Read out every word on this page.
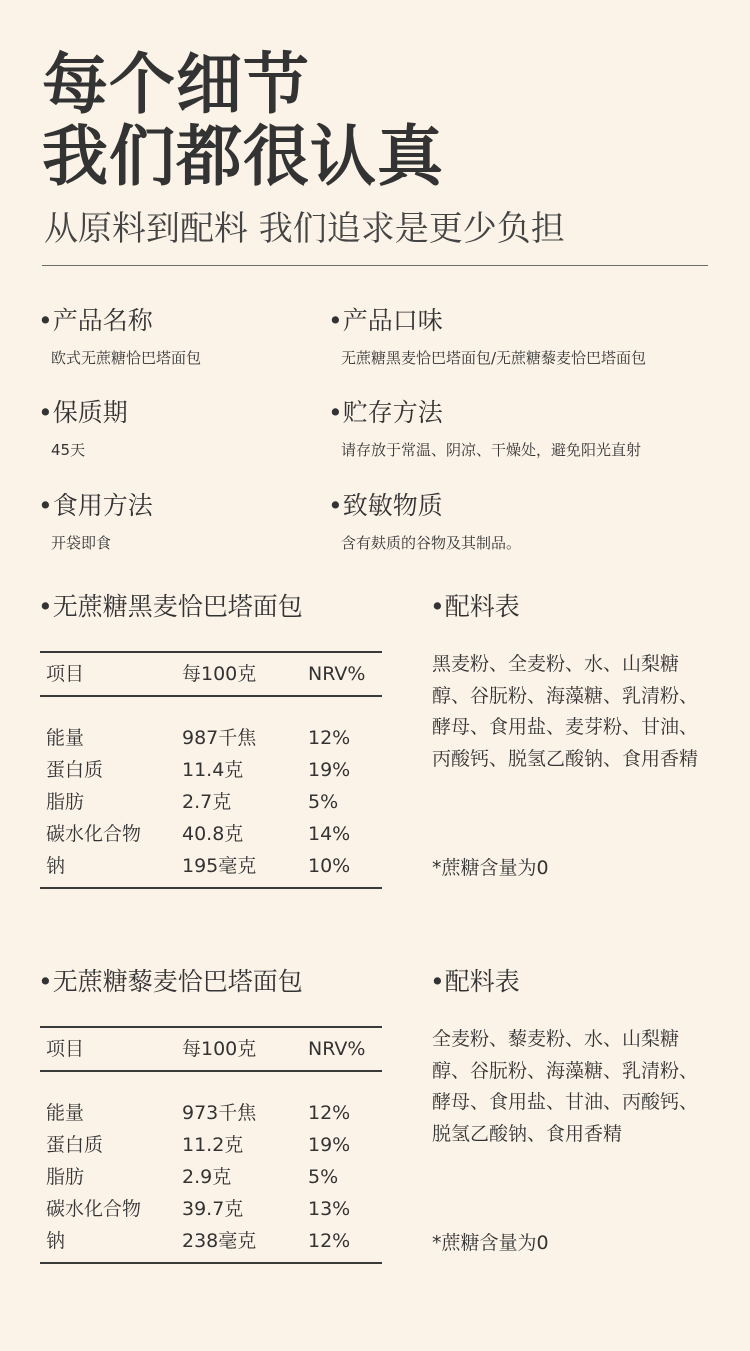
每个细节
我们都很认真
从原料到配料 我们追求是更少负担
•产品名称
欧式无蔗糖恰巴塔面包
•产品口味
无蔗糖黑麦恰巴塔面包/无蔗糖藜麦恰巴塔面包
•保质期
45天
•贮存方法
请存放于常温、阴凉、干燥处，避免阳光直射
•食用方法
开袋即食
•致敏物质
含有麸质的谷物及其制品。
•无蔗糖黑麦恰巴塔面包
项目	每100克	NRV%
能量	987千焦	12%
蛋白质	11.4克	19%
脂肪	2.7克	5%
碳水化合物 40.8克	14%
钠	195毫克	10%
•配料表
黑麦粉、全麦粉、水、山梨糖
醇、谷朊粉、海藻糖、乳清粉、
酵母、食用盐、麦芽粉、甘油、
丙酸钙、脱氢乙酸钠、食用香精
*蔗糖含量为0
•无蔗糖藜麦恰巴塔面包
项目	每100克	NRV%
能量	973千焦	12%
蛋白质	11.2克	19%
脂肪	2.9克	5%
碳水化合物 39.7克	13%
钠	238毫克	12%
•配料表
全麦粉、藜麦粉、水、山梨糖
醇、谷朊粉、海藻糖、乳清粉、
酵母、食用盐、甘油、丙酸钙、
脱氢乙酸钠、食用香精
*蔗糖含量为0
